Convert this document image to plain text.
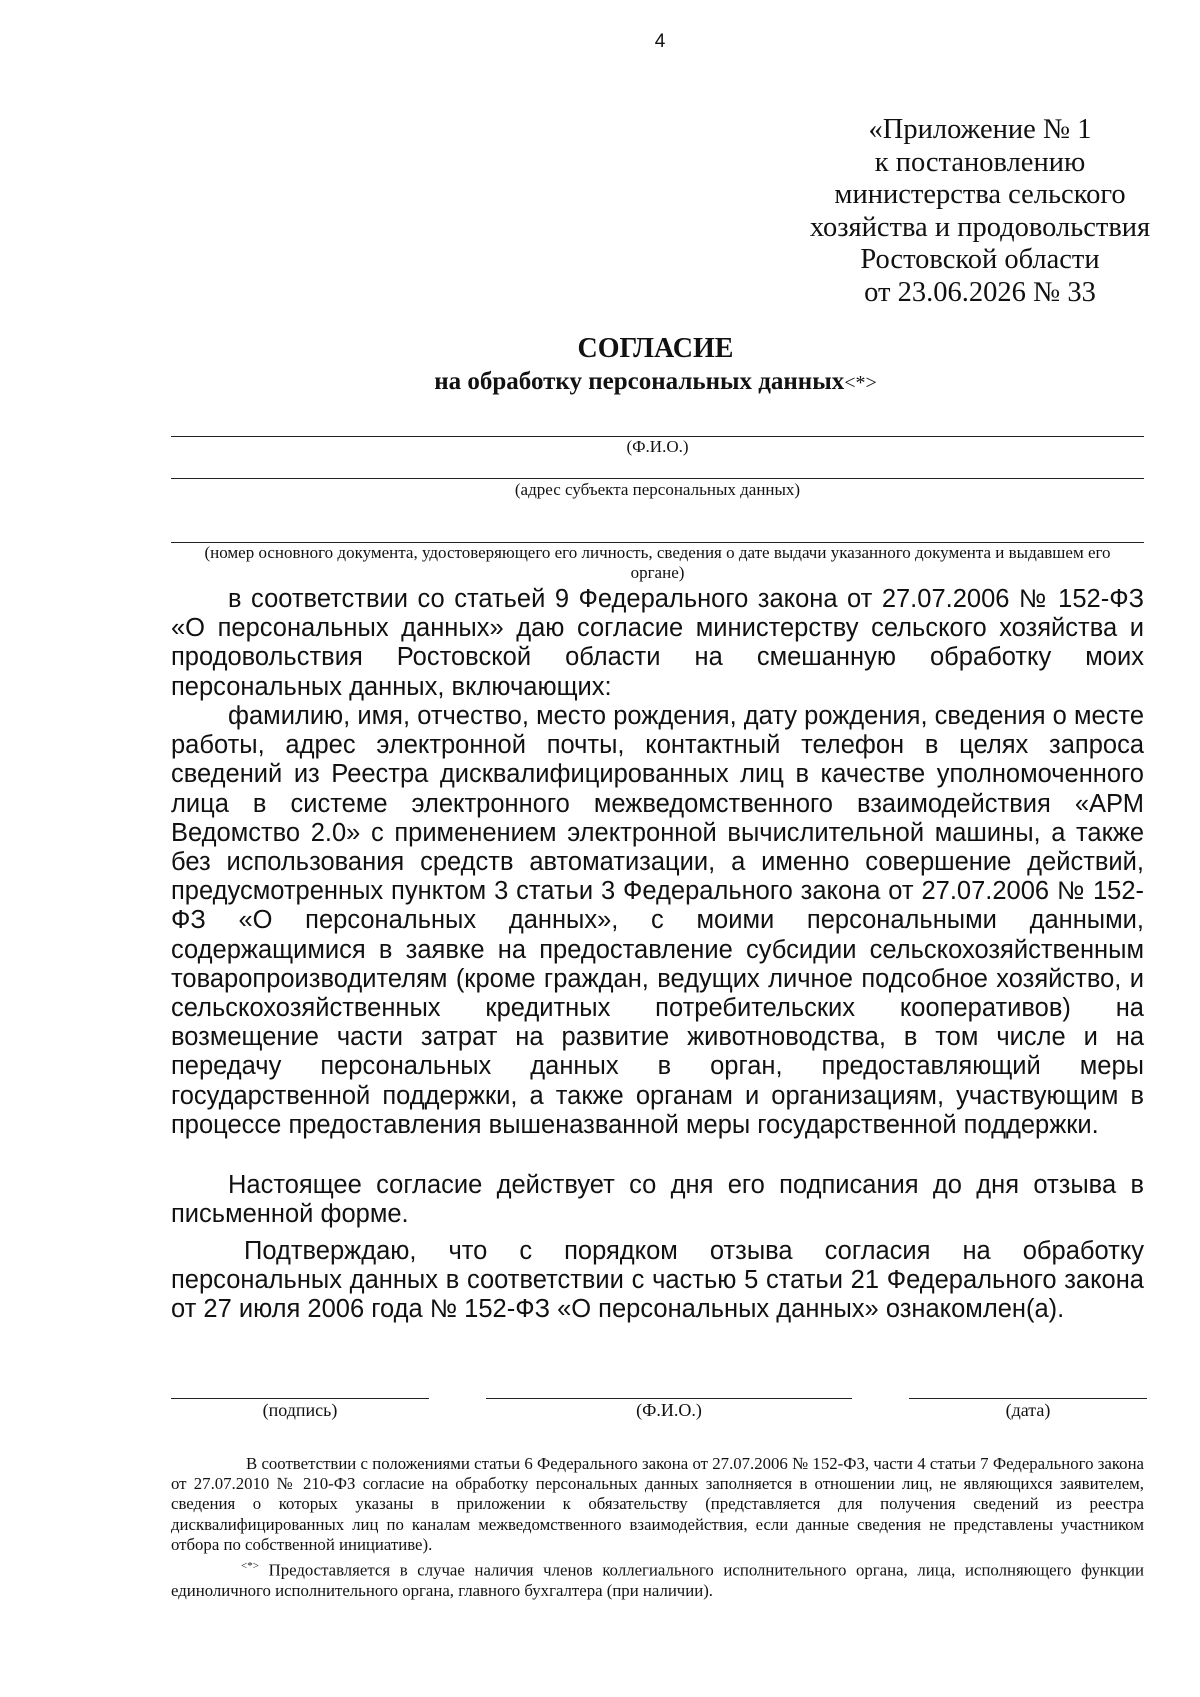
4
«Приложение № 1
к постановлению
министерства сельского
хозяйства и продовольствия
Ростовской области
от 23.06.2026 № 33
СОГЛАСИЕ
на обработку персональных данных<*>
(Ф.И.О.)
(адрес субъекта персональных данных)
(номер основного документа, удостоверяющего его личность, сведения о дате выдачи указанного документа и выдавшем его органе)
в соответствии со статьей 9 Федерального закона от 27.07.2006 № 152-ФЗ «О персональных данных» даю согласие министерству сельского хозяйства и продовольствия Ростовской области на смешанную обработку моих персональных данных, включающих:
фамилию, имя, отчество, место рождения, дату рождения, сведения о месте работы, адрес электронной почты, контактный телефон в целях запроса сведений из Реестра дисквалифицированных лиц в качестве уполномоченного лица в системе электронного межведомственного взаимодействия «АРМ Ведомство 2.0» с применением электронной вычислительной машины, а также без использования средств автоматизации, а именно совершение действий, предусмотренных пунктом 3 статьи 3 Федерального закона от 27.07.2006 № 152-ФЗ «О персональных данных», с моими персональными данными, содержащимися в заявке на предоставление субсидии сельскохозяйственным товаропроизводителям (кроме граждан, ведущих личное подсобное хозяйство, и сельскохозяйственных кредитных потребительских кооперативов) на возмещение части затрат на развитие животноводства, в том числе и на передачу персональных данных в орган, предоставляющий меры государственной поддержки, а также органам и организациям, участвующим в процессе предоставления вышеназванной меры государственной поддержки.
Настоящее согласие действует со дня его подписания до дня отзыва в письменной форме.
Подтверждаю, что с порядком отзыва согласия на обработку персональных данных в соответствии с частью 5 статьи 21 Федерального закона от 27 июля 2006 года № 152-ФЗ «О персональных данных» ознакомлен(а).
(подпись)	(Ф.И.О.)	(дата)
В соответствии с положениями статьи 6 Федерального закона от 27.07.2006 № 152-ФЗ, части 4 статьи 7 Федерального закона от 27.07.2010 № 210-ФЗ согласие на обработку персональных данных заполняется в отношении лиц, не являющихся заявителем, сведения о которых указаны в приложении к обязательству (представляется для получения сведений из реестра дисквалифицированных лиц по каналам межведомственного взаимодействия, если данные сведения не представлены участником отбора по собственной инициативе).
<*> Предоставляется в случае наличия членов коллегиального исполнительного органа, лица, исполняющего функции единоличного исполнительного органа, главного бухгалтера (при наличии).
